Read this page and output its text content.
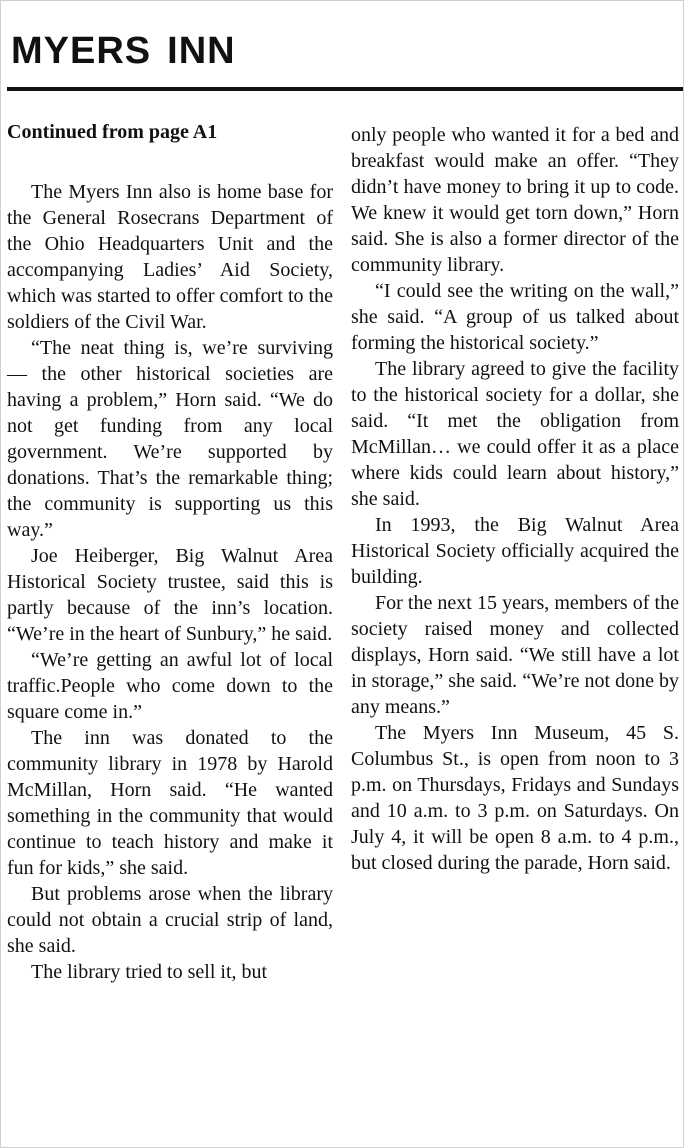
myers inn

Continued from page A1

The Myers Inn also is home base for the General Rosecrans Department of the Ohio Headquarters Unit and the accompanying Ladies’ Aid Society, which was started to offer comfort to the soldiers of the Civil War.

“The neat thing is, we’re surviving — the other historical societies are having a problem,” Horn said. “We do not get funding from any local government. We’re supported by donations. That’s the remarkable thing; the community is supporting us this way.”

Joe Heiberger, Big Walnut Area Historical Society trustee, said this is partly because of the inn’s location. “We’re in the heart of Sunbury,” he said.

“We’re getting an awful lot of local traffic.People who come down to the square come in.”

The inn was donated to the community library in 1978 by Harold McMillan, Horn said. “He wanted something in the community that would continue to teach history and make it fun for kids,” she said.

But problems arose when the library could not obtain a crucial strip of land, she said.

The library tried to sell it, but

only people who wanted it for a bed and breakfast would make an offer. “They didn’t have money to bring it up to code. We knew it would get torn down,” Horn said. She is also a former director of the community library.

“I could see the writing on the wall,” she said. “A group of us talked about forming the historical society.”

The library agreed to give the facility to the historical society for a dollar, she said. “It met the obligation from McMillan… we could offer it as a place where kids could learn about history,” she said.

In 1993, the Big Walnut Area Historical Society officially acquired the building.

For the next 15 years, members of the society raised money and collected displays, Horn said. “We still have a lot in storage,” she said. “We’re not done by any means.”

The Myers Inn Museum, 45 S. Columbus St., is open from noon to 3 p.m. on Thursdays, Fridays and Sundays and 10 a.m. to 3 p.m. on Saturdays. On July 4, it will be open 8 a.m. to 4 p.m., but closed during the parade, Horn said.
